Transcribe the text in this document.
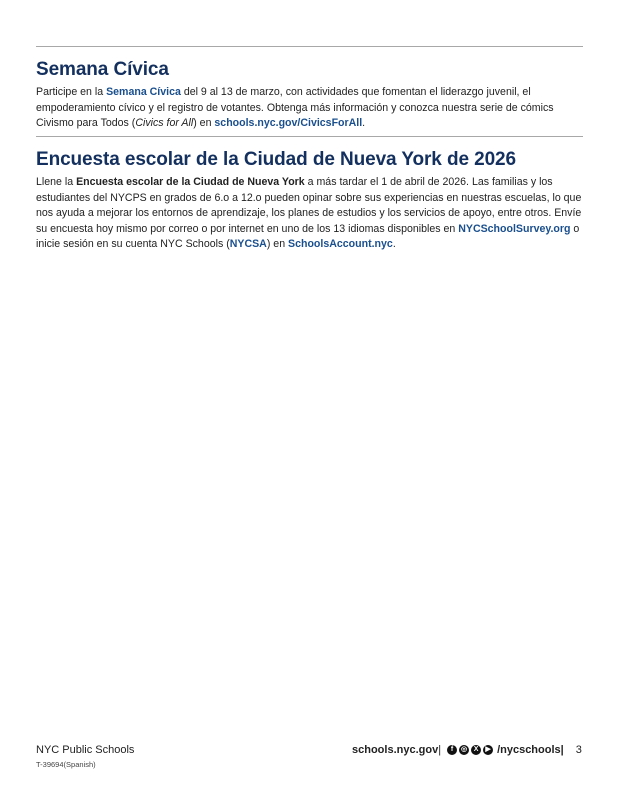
Semana Cívica

Participe en la Semana Cívica del 9 al 13 de marzo, con actividades que fomentan el liderazgo juvenil, el empoderamiento cívico y el registro de votantes. Obtenga más información y conozca nuestra serie de cómics Civismo para Todos (Civics for All) en schools.nyc.gov/CivicsForAll.

Encuesta escolar de la Ciudad de Nueva York de 2026

Llene la Encuesta escolar de la Ciudad de Nueva York a más tardar el 1 de abril de 2026. Las familias y los estudiantes del NYCPS en grados de 6.o a 12.o pueden opinar sobre sus experiencias en nuestras escuelas, lo que nos ayuda a mejorar los entornos de aprendizaje, los planes de estudios y los servicios de apoyo, entre otros. Envíe su encuesta hoy mismo por correo o por internet en uno de los 13 idiomas disponibles en NYCSchoolSurvey.org o inicie sesión en su cuenta NYC Schools (NYCSA) en SchoolsAccount.nyc.

NYC Public Schools
T-39694(Spanish)
schools.nyc.gov |	f	◎ X ▶ /nycschools| 3
